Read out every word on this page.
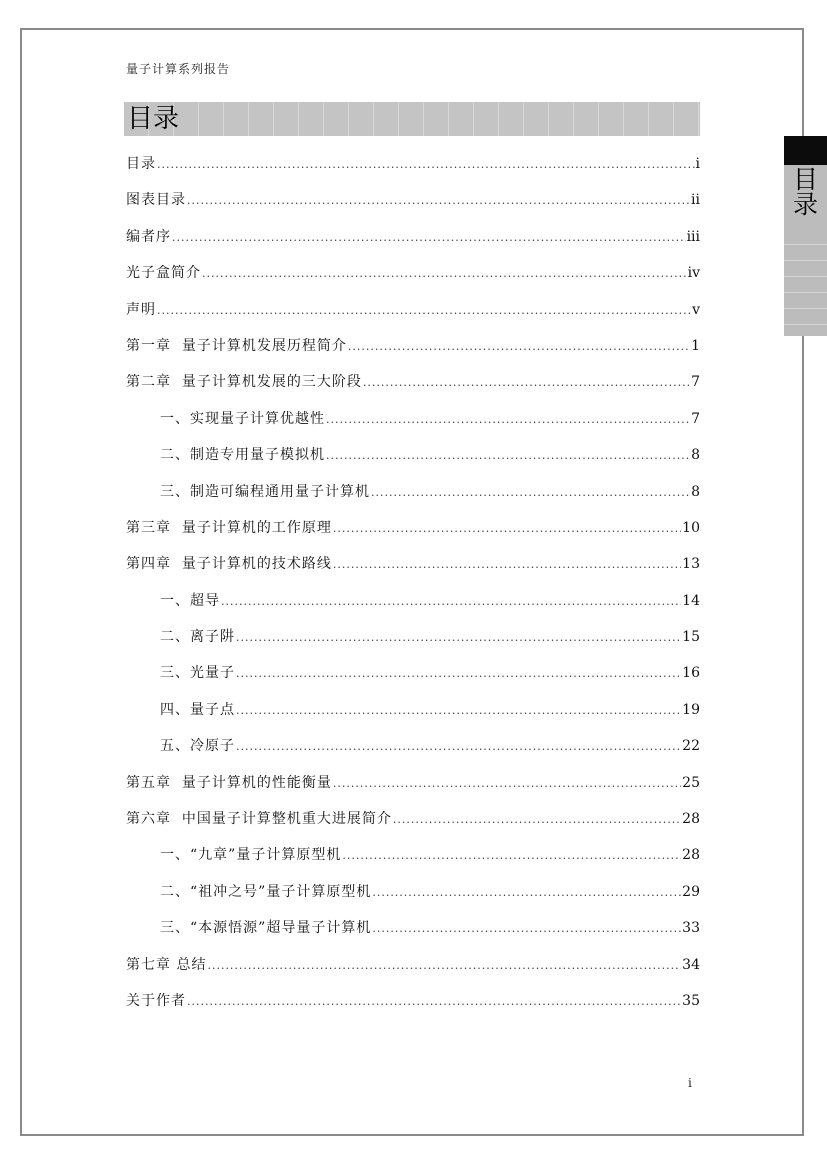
量子计算系列报告
目录
目
录
目录 .....	i
图表目录 .....	ii
编者序 .....	iii
光子盒简介 .....	iv
声明 .....	v
第一章  量子计算机发展历程简介 .....	1
第二章  量子计算机发展的三大阶段 .....	7
一、实现量子计算优越性 .....	7
二、制造专用量子模拟机 .....	8
三、制造可编程通用量子计算机 .....	8
第三章  量子计算机的工作原理 .....	10
第四章  量子计算机的技术路线 .....	13
一、超导 .....	14
二、离子阱 .....	15
三、光量子 .....	16
四、量子点 .....	19
五、冷原子 .....	22
第五章  量子计算机的性能衡量 .....	25
第六章  中国量子计算整机重大进展简介 .....	28
一、“九章”量子计算原型机 .....	28
二、“祖冲之号”量子计算原型机 .....	29
三、“本源悟源”超导量子计算机 .....	33
第七章 总结 .....	34
关于作者 .....	35
i
